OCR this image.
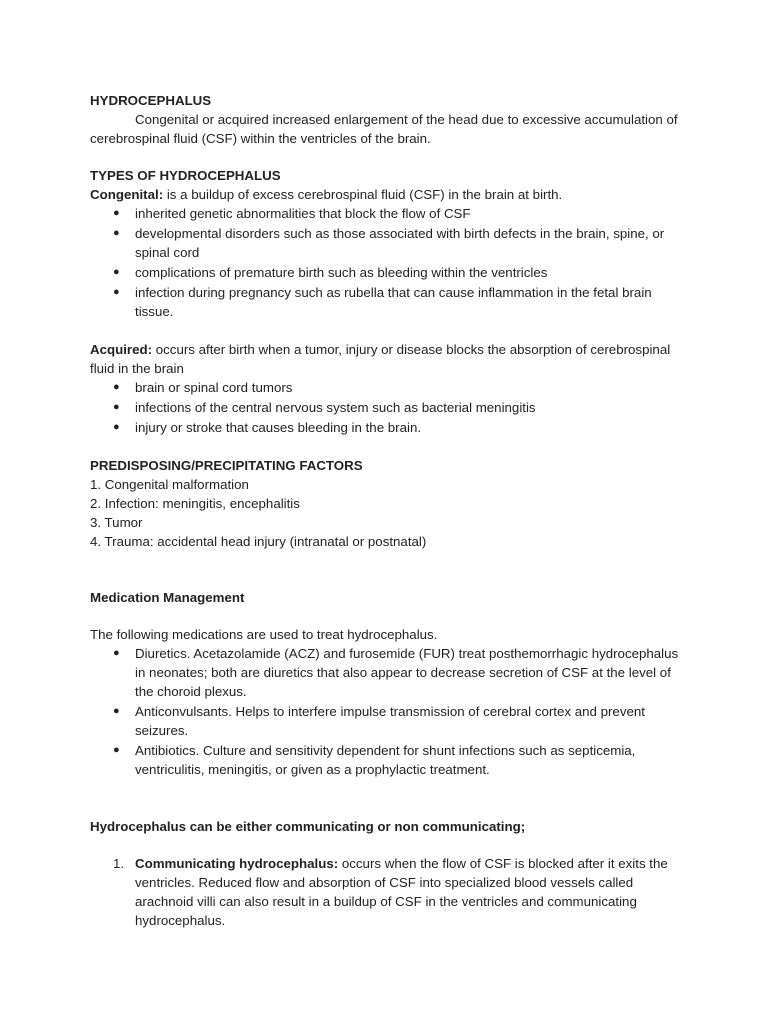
HYDROCEPHALUS

Congenital or acquired increased enlargement of the head due to excessive accumulation of cerebrospinal fluid (CSF) within the ventricles of the brain.

TYPES OF HYDROCEPHALUS

Congenital: is a buildup of excess cerebrospinal fluid (CSF) in the brain at birth.

● inherited genetic abnormalities that block the flow of CSF
● developmental disorders such as those associated with birth defects in the brain, spine, or spinal cord
● complications of premature birth such as bleeding within the ventricles
● infection during pregnancy such as rubella that can cause inflammation in the fetal brain tissue.

Acquired: occurs after birth when a tumor, injury or disease blocks the absorption of cerebrospinal fluid in the brain

● brain or spinal cord tumors
● infections of the central nervous system such as bacterial meningitis
● injury or stroke that causes bleeding in the brain.

PREDISPOSING/PRECIPITATING FACTORS

1. Congenital malformation

2. Infection: meningitis, encephalitis

3. Tumor

4. Trauma: accidental head injury (intranatal or postnatal)

Medication Management

The following medications are used to treat hydrocephalus.

● Diuretics. Acetazolamide (ACZ) and furosemide (FUR) treat posthemorrhagic hydrocephalus in neonates; both are diuretics that also appear to decrease secretion of CSF at the level of the choroid plexus.
● Anticonvulsants. Helps to interfere impulse transmission of cerebral cortex and prevent seizures.
● Antibiotics. Culture and sensitivity dependent for shunt infections such as septicemia, ventriculitis, meningitis, or given as a prophylactic treatment.

Hydrocephalus can be either communicating or non communicating;

1. Communicating hydrocephalus: occurs when the flow of CSF is blocked after it exits the ventricles. Reduced flow and absorption of CSF into specialized blood vessels called arachnoid villi can also result in a buildup of CSF in the ventricles and communicating hydrocephalus.
